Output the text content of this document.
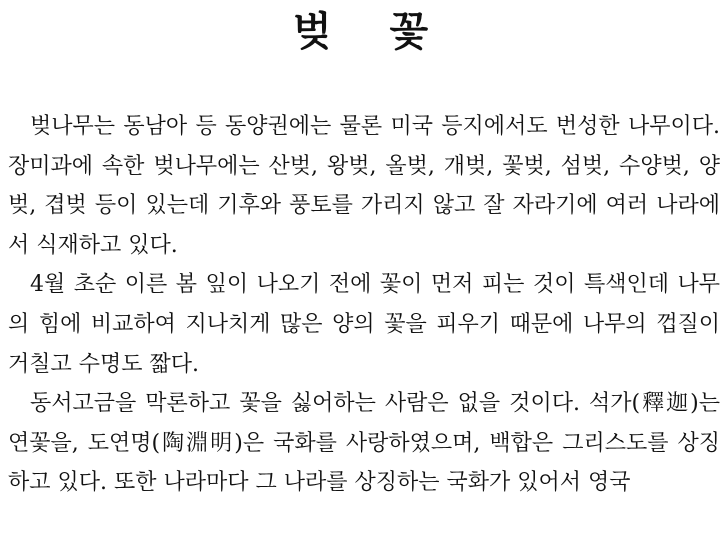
벚 꽃

벚나무는 동남아 등 동양권에는 물론 미국 등지에서도 번성한 나무이다. 장미과에 속한 벚나무에는 산벚, 왕벚, 올벚, 개벚, 꽃벚, 섬벚, 수양벚, 양벚, 겹벚 등이 있는데 기후와 풍토를 가리지 않고 잘 자라기에 여러 나라에서 식재하고 있다.

4월 초순 이른 봄 잎이 나오기 전에 꽃이 먼저 피는 것이 특색인데 나무의 힘에 비교하여 지나치게 많은 양의 꽃을 피우기 때문에 나무의 껍질이 거칠고 수명도 짧다.

동서고금을 막론하고 꽃을 싫어하는 사람은 없을 것이다. 석가(釋迦)는 연꽃을, 도연명(陶淵明)은 국화를 사랑하였으며, 백합은 그리스도를 상징하고 있다. 또한 나라마다 그 나라를 상징하는 국화가 있어서 영국
